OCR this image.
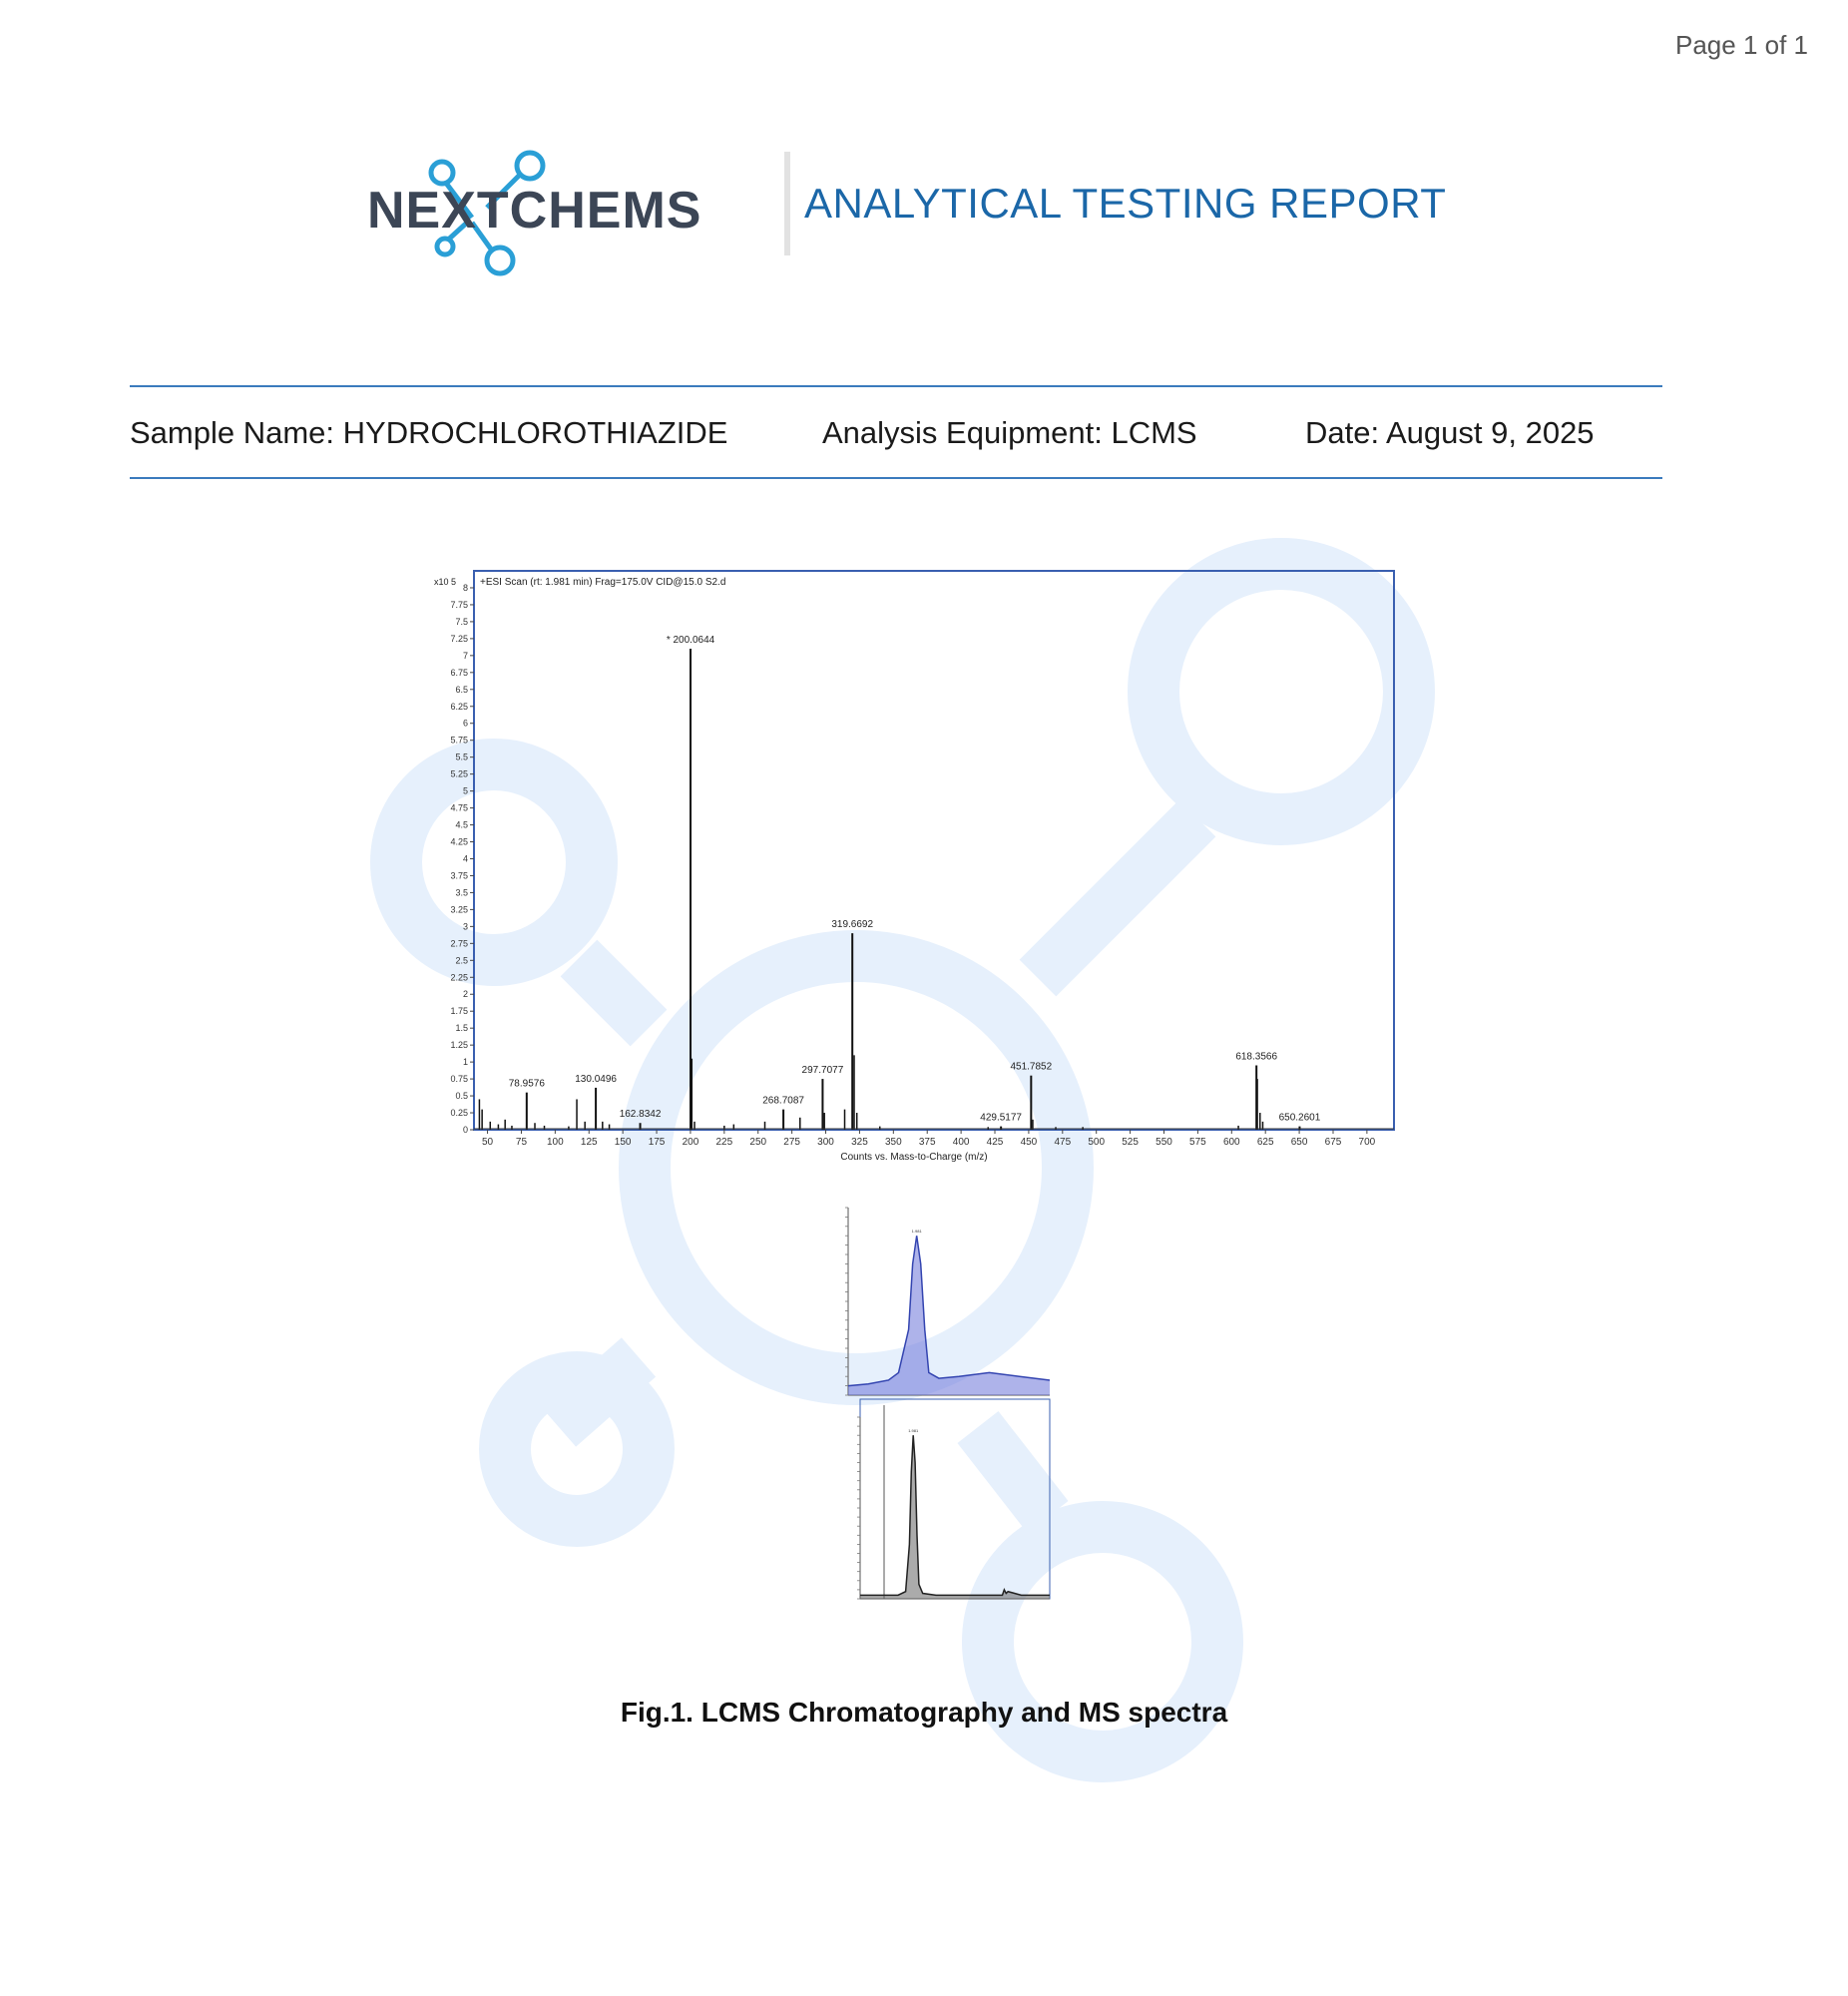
Page 1 of 1
NEXTCHEMS ANALYTICAL TESTING REPORT
Sample Name: HYDROCHLOROTHIAZIDE	Analysis Equipment: LCMS	Date: August 9, 2025
+ESI Scan (rt: 1.981 min) Frag=175.0V CID@15.0 S2.d
x10 5
0
0.25
0.5
0.75
1
1.25
1.5
1.75
2
2.25
2.5
2.75
3
3.25
3.5
3.75
4
4.25
4.5
4.75
5
5.25
5.5
5.75
6
6.25
6.5
6.75
7
7.25
7.5
7.75
8
50 75 100 125 150 175 200 225 250 275 300 325 350 375 400 425 450 475 500 525 550 575 600 625 650 675 700
Counts vs. Mass-to-Charge (m/z)
78.9576	130.0496
162.8342
* 200.0644
268.7087
297.7077
319.6692
429.5177
451.7852
618.3566
650.2601
1.981
1.981
Fig.1. LCMS Chromatography and MS spectra
